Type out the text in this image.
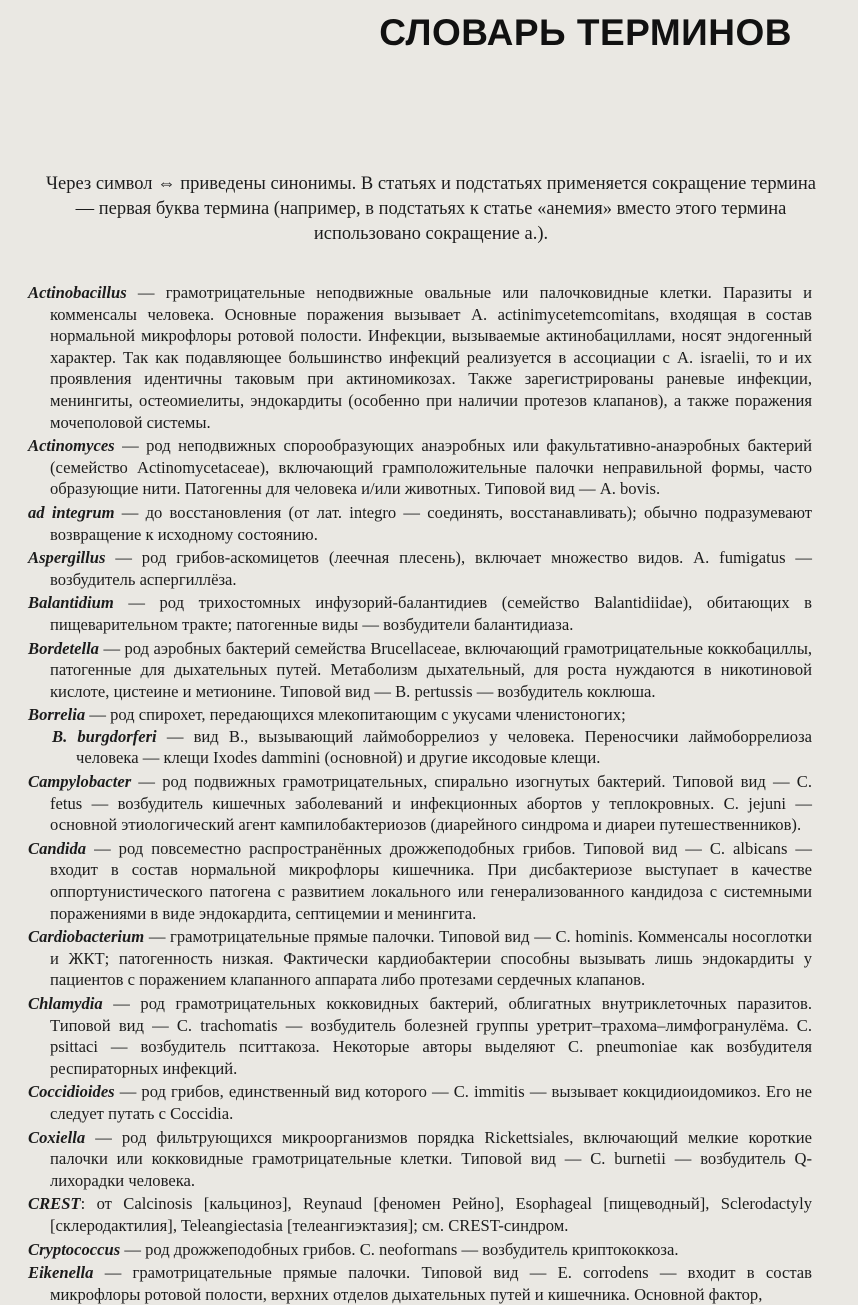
СЛОВАРЬ ТЕРМИНОВ
Через символ ⇔ приведены синонимы. В статьях и подстатьях применяется сокращение термина — первая буква термина (например, в подстатьях к статье «анемия» вместо этого термина использовано сокращение а.).

Actinobacillus — грамотрицательные неподвижные овальные или палочковидные клетки. Паразиты и комменсалы человека. Основные поражения вызывает A. actinimycetemcomitans, входящая в состав нормальной микрофлоры ротовой полости. Инфекции, вызываемые актинобациллами, носят эндогенный характер. Так как подавляющее большинство инфекций реализуется в ассоциации с A. israelii, то и их проявления идентичны таковым при актиномикозах. Также зарегистрированы раневые инфекции, менингиты, остеомиелиты, эндокардиты (особенно при наличии протезов клапанов), а также поражения мочеполовой системы.

Actinomyces — род неподвижных спорообразующих анаэробных или факультативно-анаэробных бактерий (семейство Actinomycetaceae), включающий грамположительные палочки неправильной формы, часто образующие нити. Патогенны для человека и/или животных. Типовой вид — A. bovis.

ad integrum — до восстановления (от лат. integro — соединять, восстанавливать); обычно подразумевают возвращение к исходному состоянию.

Aspergillus — род грибов-аскомицетов (леечная плесень), включает множество видов. A. fumigatus — возбудитель аспергиллёза.

Balantidium — род трихостомных инфузорий-балантидиев (семейство Balantidiidae), обитающих в пищеварительном тракте; патогенные виды — возбудители балантидиаза.

Bordetella — род аэробных бактерий семейства Brucellaceae, включающий грамотрицательные коккобациллы, патогенные для дыхательных путей. Метаболизм дыхательный, для роста нуждаются в никотиновой кислоте, цистеине и метионине. Типовой вид — B. pertussis — возбудитель коклюша.

Borrelia — род спирохет, передающихся млекопитающим с укусами членистоногих;

B. burgdorferi — вид B., вызывающий лаймоборрелиоз у человека. Переносчики лаймоборрелиоза человека — клещи Ixodes dammini (основной) и другие иксодовые клещи.

Campylobacter — род подвижных грамотрицательных, спирально изогнутых бактерий. Типовой вид — C. fetus — возбудитель кишечных заболеваний и инфекционных абортов у теплокровных. C. jejuni — основной этиологический агент кампилобактериозов (диарейного синдрома и диареи путешественников).

Candida — род повсеместно распространённых дрожжеподобных грибов. Типовой вид — C. albicans — входит в состав нормальной микрофлоры кишечника. При дисбактериозе выступает в качестве оппортунистического патогена с развитием локального или генерализованного кандидоза с системными поражениями в виде эндокардита, септицемии и менингита.

Cardiobacterium — грамотрицательные прямые палочки. Типовой вид — C. hominis. Комменсалы носоглотки и ЖКТ; патогенность низкая. Фактически кардиобактерии способны вызывать лишь эндокардиты у пациентов с поражением клапанного аппарата либо протезами сердечных клапанов.

Chlamydia — род грамотрицательных кокковидных бактерий, облигатных внутриклеточных паразитов. Типовой вид — C. trachomatis — возбудитель болезней группы уретрит–трахома–лимфогранулёма. C. psittaci — возбудитель пситтакоза. Некоторые авторы выделяют C. pneumoniae как возбудителя респираторных инфекций.

Coccidioides — род грибов, единственный вид которого — C. immitis — вызывает кокцидиоидомикоз. Его не следует путать с Coccidia.

Coxiella — род фильтрующихся микроорганизмов порядка Rickettsiales, включающий мелкие короткие палочки или кокковидные грамотрицательные клетки. Типовой вид — C. burnetii — возбудитель Q-лихорадки человека.

CREST: от Calcinosis [кальциноз], Reynaud [феномен Рейно], Esophageal [пищеводный], Sclerodactyly [склеродактилия], Teleangiectasia [телеангиэктазия]; см. CREST-синдром.

Cryptococcus — род дрожжеподобных грибов. C. neoformans — возбудитель криптококкоза.

Eikenella — грамотрицательные прямые палочки. Типовой вид — E. corrodens — входит в состав микрофлоры ротовой полости, верхних отделов дыхательных путей и кишечника. Основной фактор,
